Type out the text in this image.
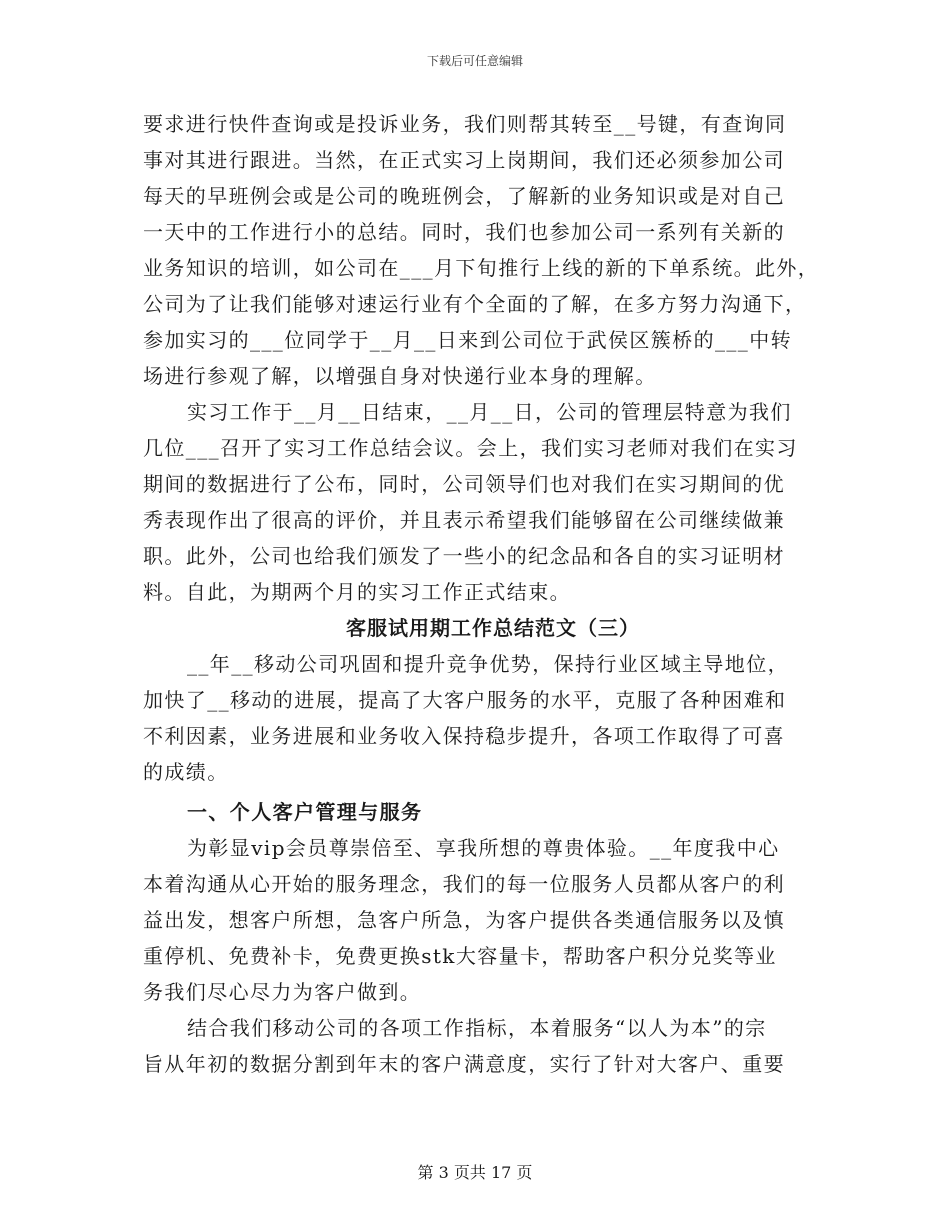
下载后可任意编辑
要求进行快件查询或是投诉业务，我们则帮其转至__号键，有查询同
事对其进行跟进。当然，在正式实习上岗期间，我们还必须参加公司
每天的早班例会或是公司的晚班例会，了解新的业务知识或是对自己
一天中的工作进行小的总结。同时，我们也参加公司一系列有关新的
业务知识的培训，如公司在___月下旬推行上线的新的下单系统。此外，
公司为了让我们能够对速运行业有个全面的了解，在多方努力沟通下，
参加实习的___位同学于__月__日来到公司位于武侯区簇桥的___中转
场进行参观了解，以增强自身对快递行业本身的理解。
实习工作于__月__日结束，__月__日，公司的管理层特意为我们
几位___召开了实习工作总结会议。会上，我们实习老师对我们在实习
期间的数据进行了公布，同时，公司领导们也对我们在实习期间的优
秀表现作出了很高的评价，并且表示希望我们能够留在公司继续做兼
职。此外，公司也给我们颁发了一些小的纪念品和各自的实习证明材
料。自此，为期两个月的实习工作正式结束。
客服试用期工作总结范文（三）
__年__移动公司巩固和提升竞争优势，保持行业区域主导地位，
加快了__移动的进展，提高了大客户服务的水平，克服了各种困难和
不利因素，业务进展和业务收入保持稳步提升，各项工作取得了可喜
的成绩。
一、个人客户管理与服务
为彰显vip会员尊崇倍至、享我所想的尊贵体验。__年度我中心
本着沟通从心开始的服务理念，我们的每一位服务人员都从客户的利
益出发，想客户所想，急客户所急，为客户提供各类通信服务以及慎
重停机、免费补卡，免费更换stk大容量卡，帮助客户积分兑奖等业
务我们尽心尽力为客户做到。
结合我们移动公司的各项工作指标，本着服务“以人为本”的宗
旨从年初的数据分割到年末的客户满意度，实行了针对大客户、重要
第 3 页共 17 页
